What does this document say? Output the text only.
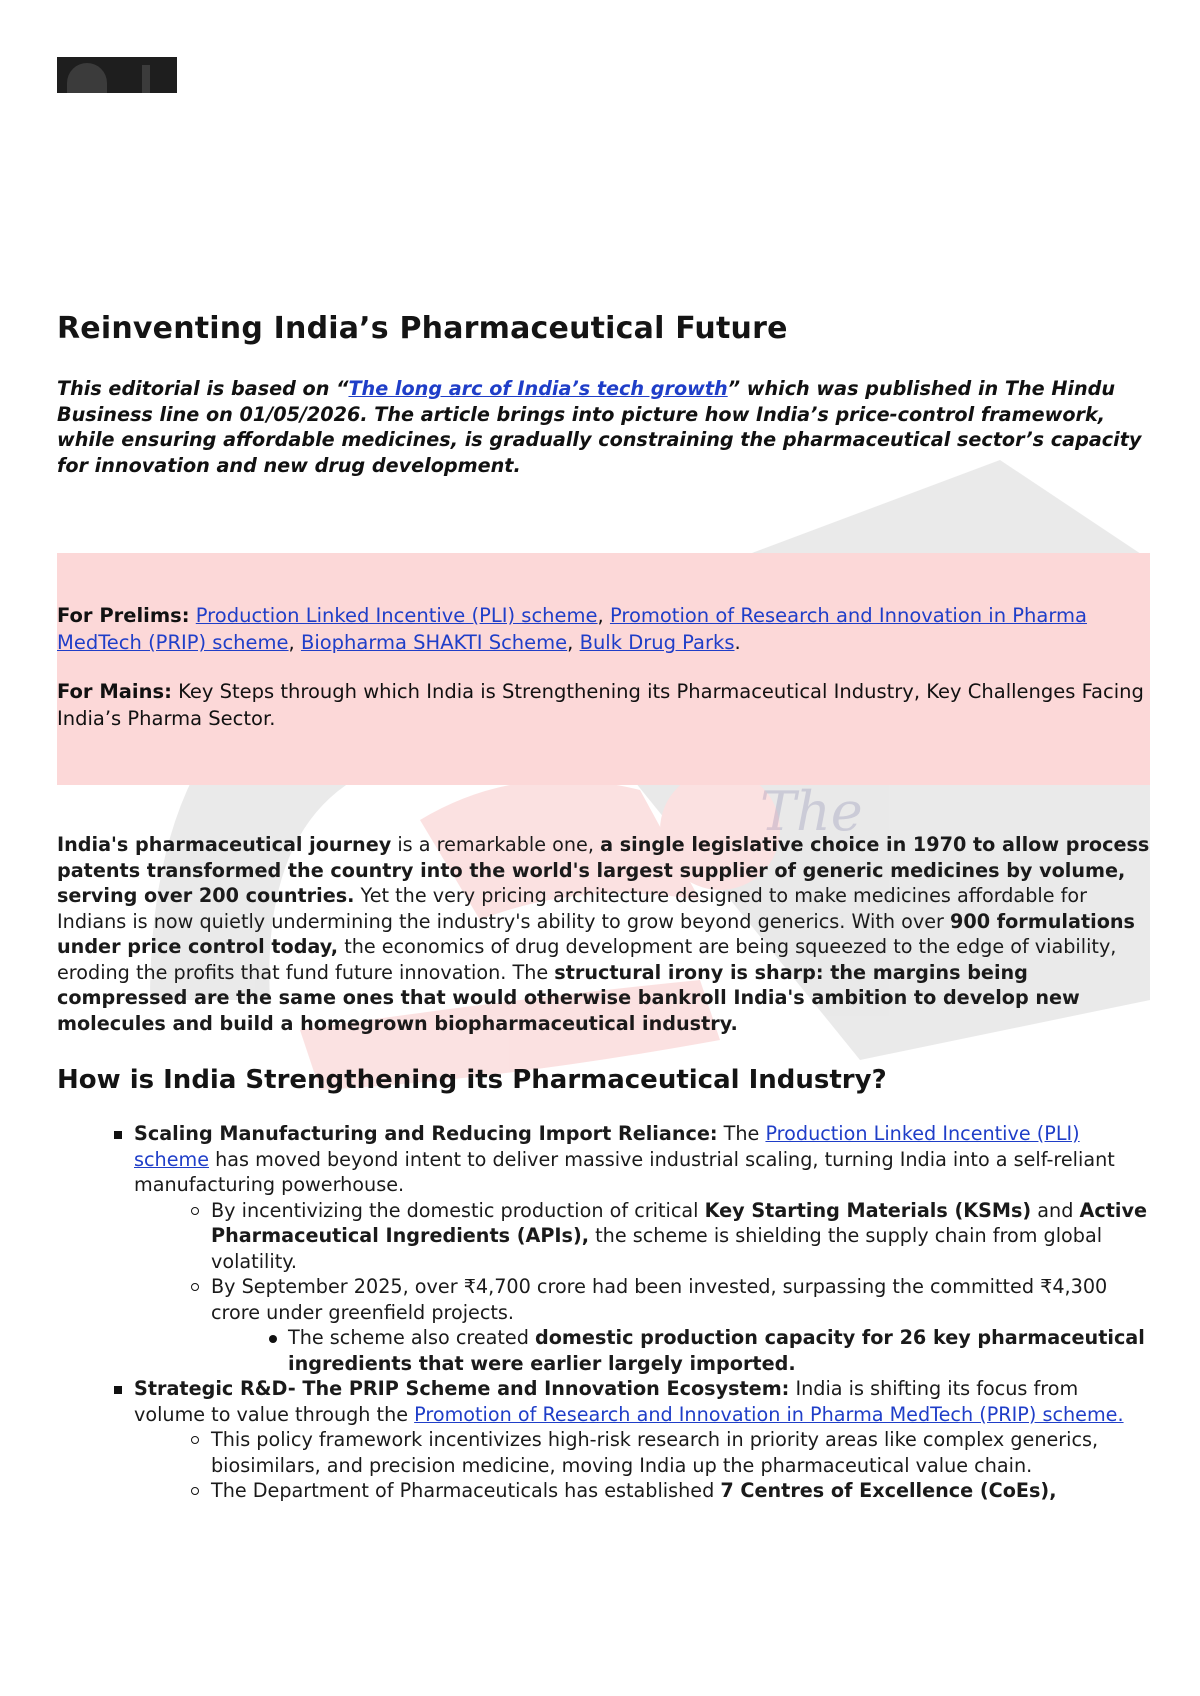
The
Reinventing India’s Pharmaceutical Future

This editorial is based on “The long arc of India’s tech growth” which was published in The Hindu Business line on 01/05/2026. The article brings into picture how India’s price-control framework, while ensuring affordable medicines, is gradually constraining the pharmaceutical sector’s capacity for innovation and new drug development.

For Prelims: Production Linked Incentive (PLI) scheme, Promotion of Research and Innovation in Pharma MedTech (PRIP) scheme, Biopharma SHAKTI Scheme, Bulk Drug Parks.

For Mains: Key Steps through which India is Strengthening its Pharmaceutical Industry, Key Challenges Facing India’s Pharma Sector.

India's pharmaceutical journey is a remarkable one, a single legislative choice in 1970 to allow process patents transformed the country into the world's largest supplier of generic medicines by volume, serving over 200 countries. Yet the very pricing architecture designed to make medicines affordable for Indians is now quietly undermining the industry's ability to grow beyond generics. With over 900 formulations under price control today, the economics of drug development are being squeezed to the edge of viability, eroding the profits that fund future innovation. The structural irony is sharp: the margins being compressed are the same ones that would otherwise bankroll India's ambition to develop new molecules and build a homegrown biopharmaceutical industry.

How is India Strengthening its Pharmaceutical Industry?
Scaling Manufacturing and Reducing Import Reliance: The Production Linked Incentive (PLI) scheme has moved beyond intent to deliver massive industrial scaling, turning India into a self-reliant manufacturing powerhouse.
By incentivizing the domestic production of critical Key Starting Materials (KSMs) and Active Pharmaceutical Ingredients (APIs), the scheme is shielding the supply chain from global volatility.
By September 2025, over ₹4,700 crore had been invested, surpassing the committed ₹4,300 crore under greenfield projects.
The scheme also created domestic production capacity for 26 key pharmaceutical ingredients that were earlier largely imported.
Strategic R&D- The PRIP Scheme and Innovation Ecosystem: India is shifting its focus from volume to value through the Promotion of Research and Innovation in Pharma MedTech (PRIP) scheme.
This policy framework incentivizes high-risk research in priority areas like complex generics, biosimilars, and precision medicine, moving India up the pharmaceutical value chain.
The Department of Pharmaceuticals has established 7 Centres of Excellence (CoEs),
